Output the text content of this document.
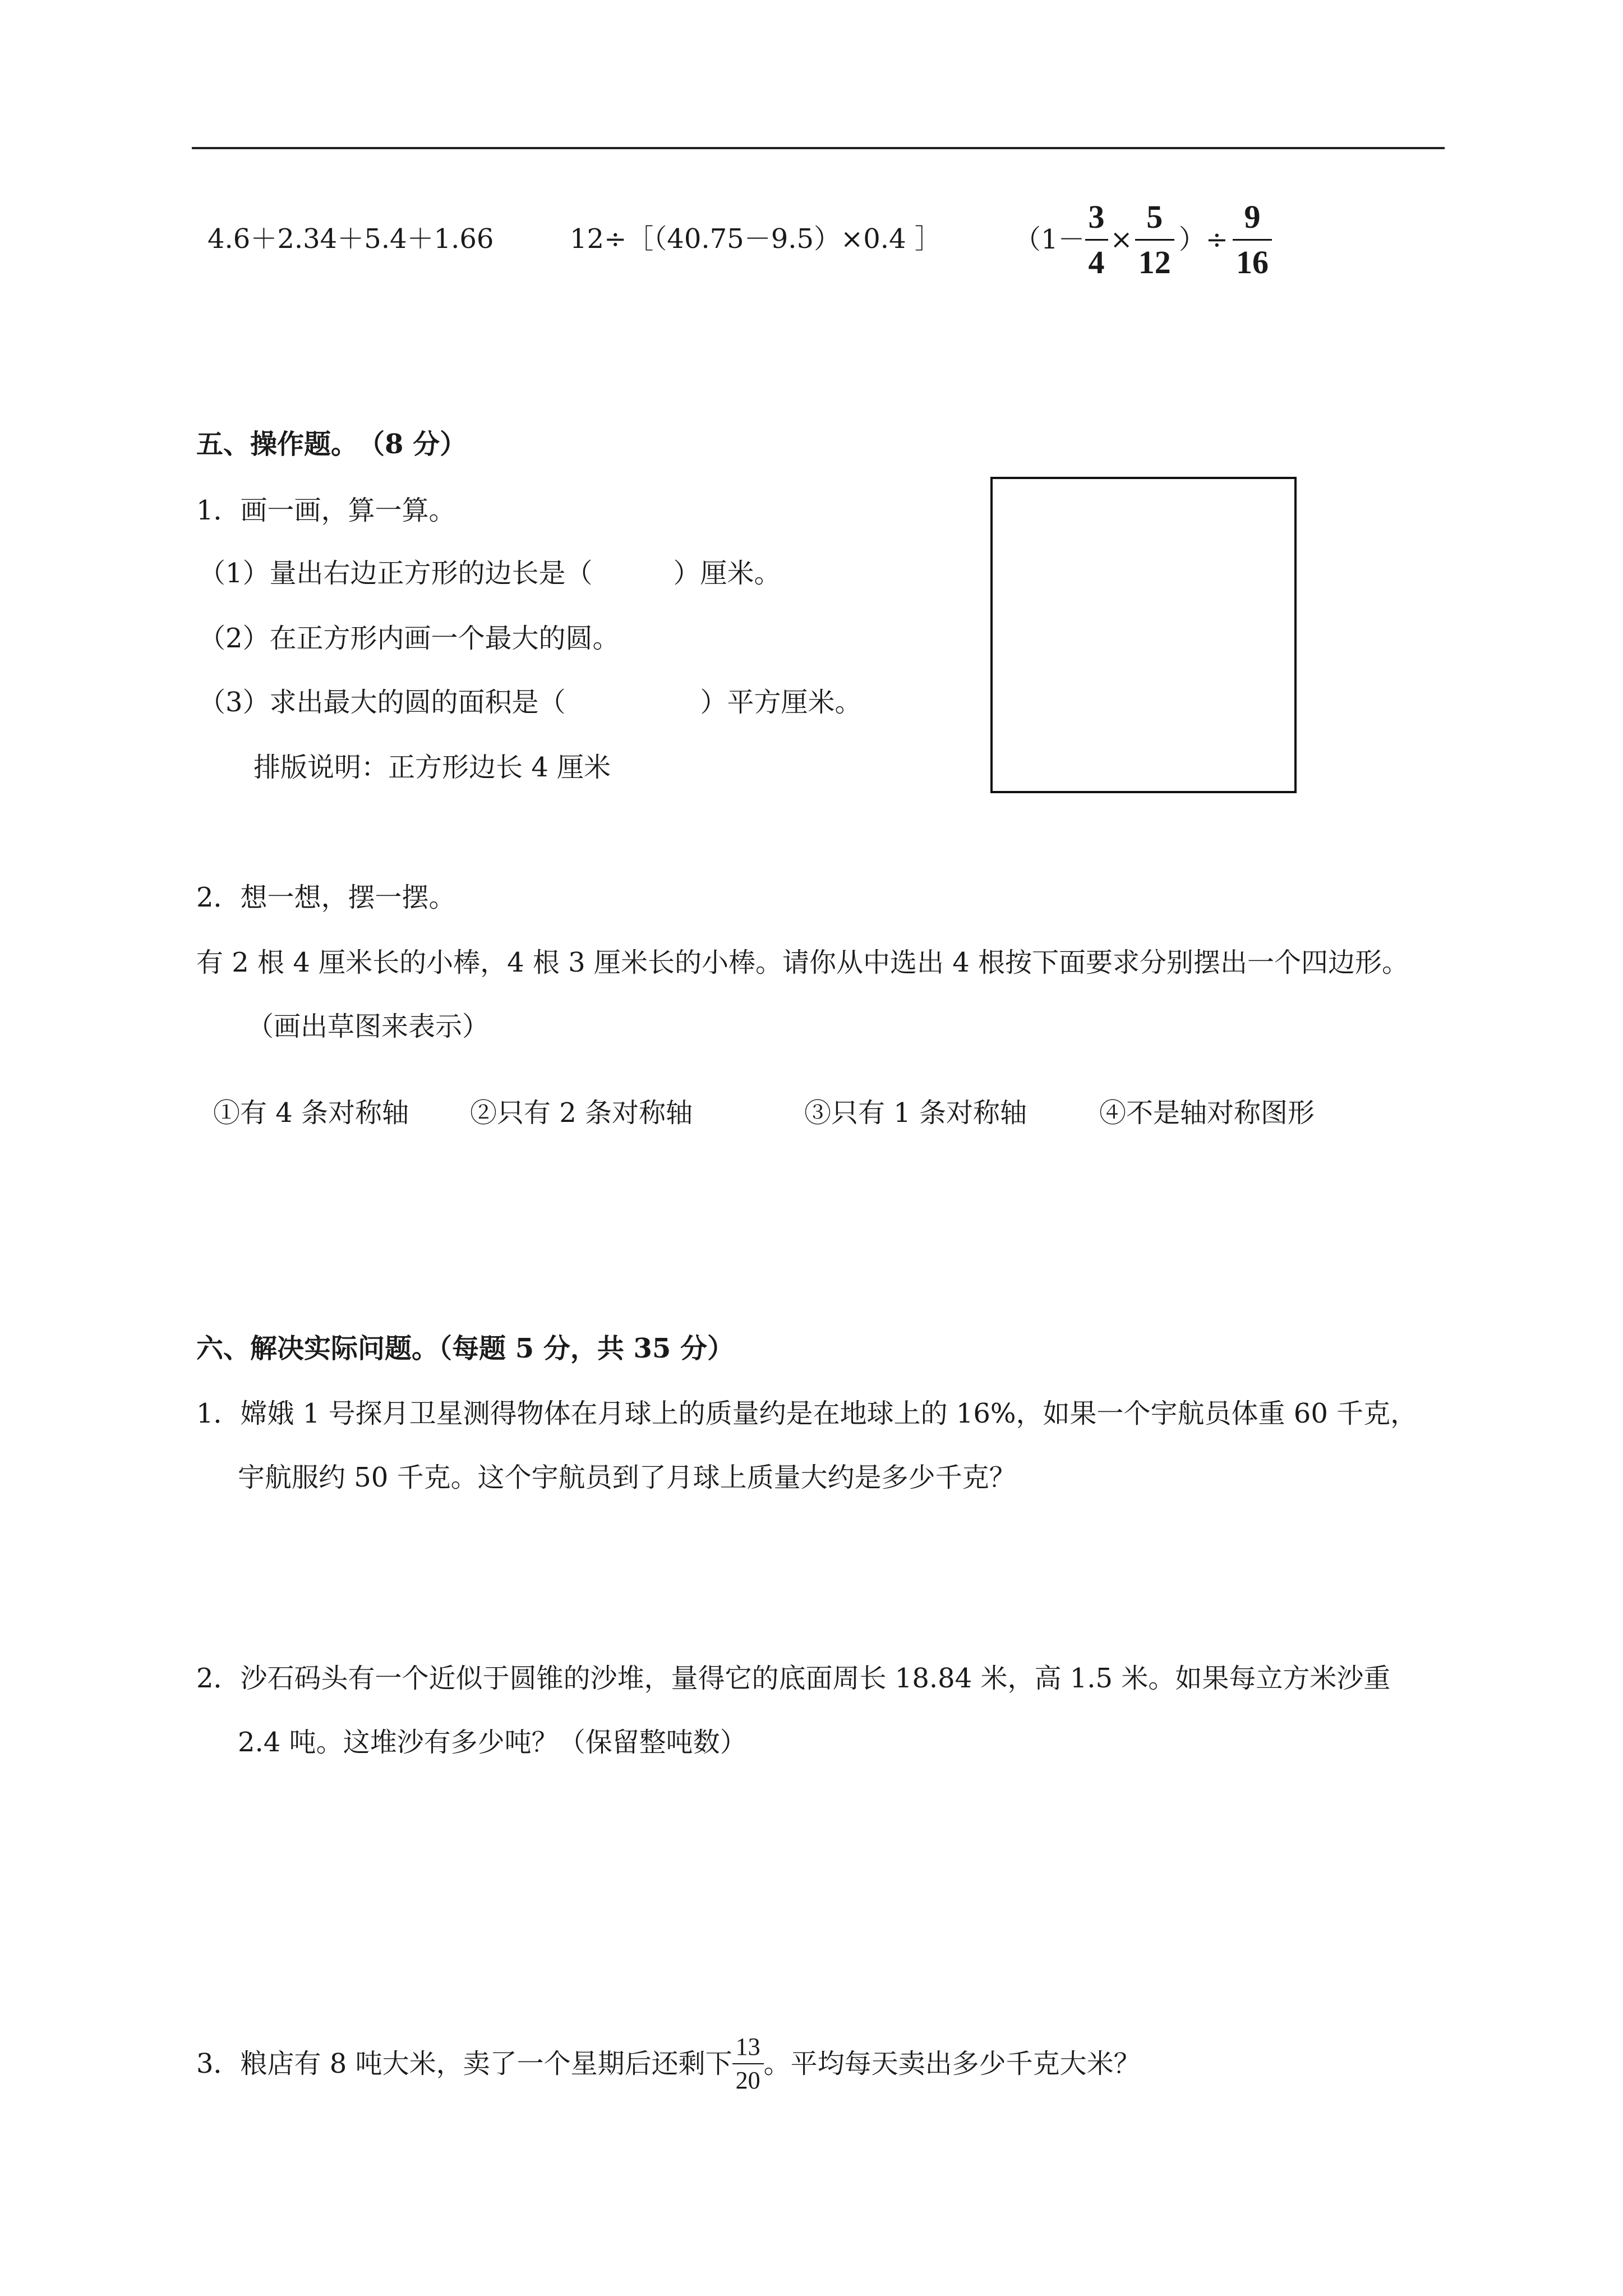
4.6＋2.34＋5.4＋1.66	12÷［（40.75－9.5）×0.4 ］	（$1- \frac{3}{4} \times \frac{5}{12}$ ）÷ $\frac{9}{16}$
五、操作题。　（8 分）
1．画一画，算一算。
（1）量出右边正方形的边长是（　　　）厘米。
（2）在正方形内画一个最大的圆。
（3）求出最大的圆的面积是（　　　　　）平方厘米。
排版说明：正方形边长 4 厘米
2．想一想，摆一摆。
有 2 根 4 厘米长的小棒，4 根 3 厘米长的小棒。请你从中选出 4 根按下面要求分别摆出一个四边形。
（画出草图来表示）
①有 4 条对称轴 ②只有 2 条对称轴	③只有 1 条对称轴	④不是轴对称图形
六、解决实际问题。（每题 5 分，共 35 分）
1．嫦娥 1 号探月卫星测得物体在月球上的质量约是在地球上的 16%，如果一个宇航员体重 60 千克，
宇航服约 50 千克。这个宇航员到了月球上质量大约是多少千克？
2．沙石码头有一个近似于圆锥的沙堆，量得它的底面周长 18.84 米，高 1.5 米。如果每立方米沙重
2.4 吨。这堆沙有多少吨？（保留整吨数）
3．粮店有 8 吨大米，卖了一个星期后还剩下 $\frac{13}{20}$ 。平均每天卖出多少千克大米？
